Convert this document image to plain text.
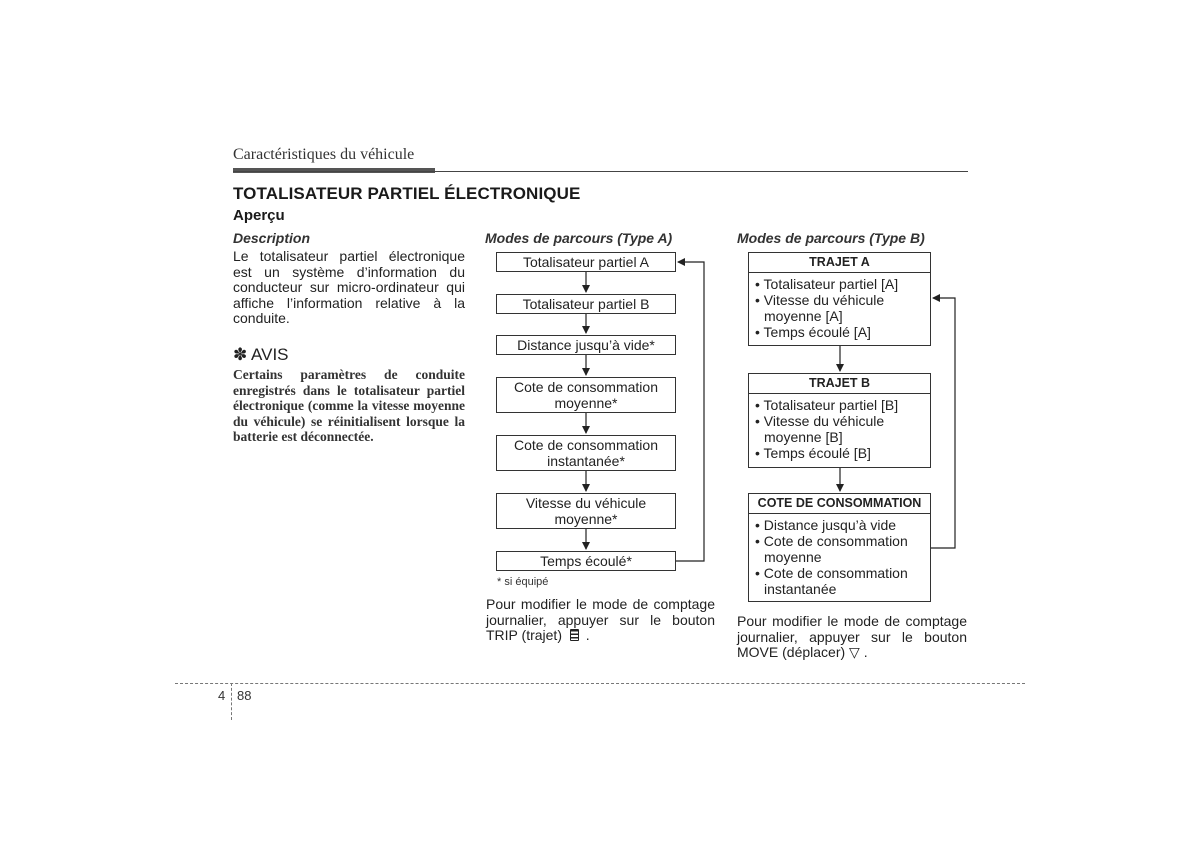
Caractéristiques du véhicule
TOTALISATEUR PARTIEL ÉLECTRONIQUE
Aperçu
Description
Le totalisateur partiel électronique est un système d’information du conducteur sur micro-ordinateur qui affiche l’information relative à la conduite.
✽ AVIS
Certains paramètres de conduite enregistrés dans le totalisateur partiel électronique (comme la vitesse moyenne du véhicule) se réinitialisent lorsque la batterie est déconnectée.
Modes de parcours (Type A)
Totalisateur partiel A
Totalisateur partiel B
Distance jusqu’à vide*
Cote de consommation moyenne*
Cote de consommation instantanée*
Vitesse du véhicule moyenne*
Temps écoulé*
* si équipé
Pour modifier le mode de comptage journalier, appuyer sur le bouton TRIP (trajet) .
Modes de parcours (Type B)
TRAJET A
• Totalisateur partiel [A]
• Vitesse du véhicule moyenne [A]
• Temps écoulé [A]
TRAJET B
• Totalisateur partiel [B]
• Vitesse du véhicule moyenne [B]
• Temps écoulé [B]
COTE DE CONSOMMATION
• Distance jusqu’à vide
• Cote de consommation moyenne
• Cote de consommation instantanée
Pour modifier le mode de comptage journalier, appuyer sur le bouton MOVE (déplacer) ▽ .
4 88
